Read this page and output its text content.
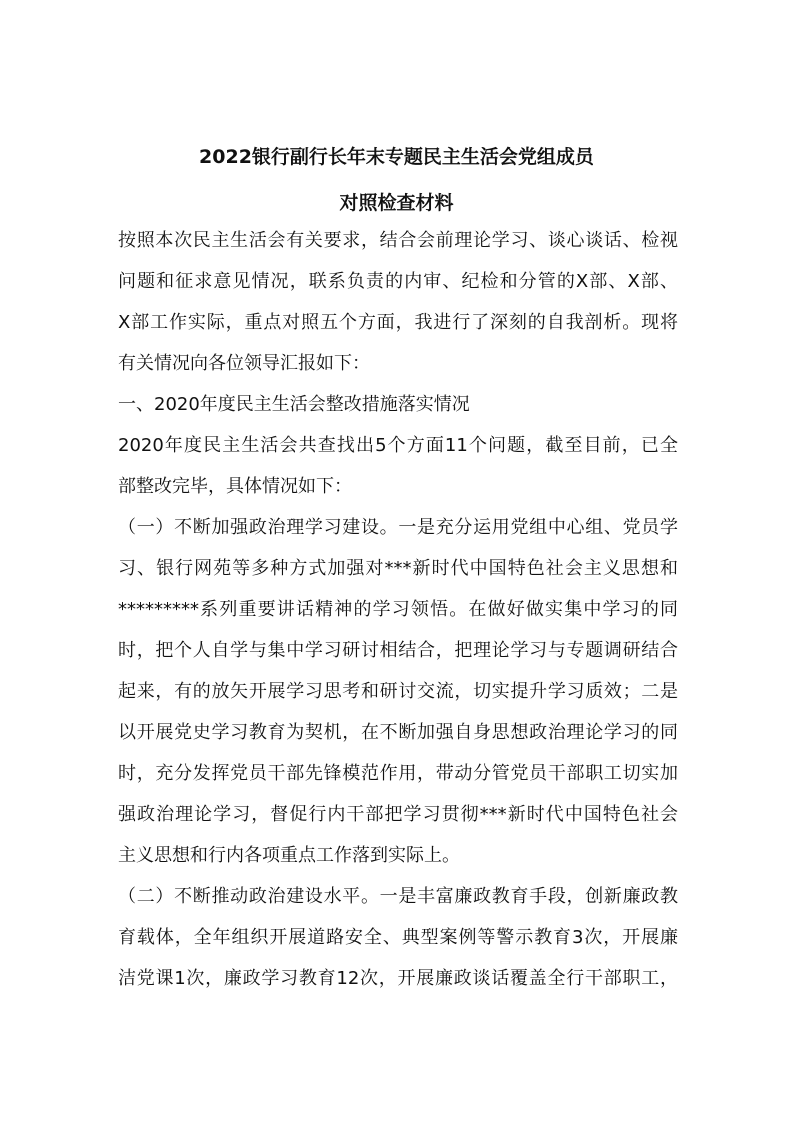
2022银行副行长年末专题民主生活会党组成员
对照检查材料
按照本次民主生活会有关要求，结合会前理论学习、谈心谈话、检视
问题和征求意见情况，联系负责的内审、纪检和分管的X部、X部、
X部工作实际，重点对照五个方面，我进行了深刻的自我剖析。现将
有关情况向各位领导汇报如下：
一、2020年度民主生活会整改措施落实情况
2020年度民主生活会共查找出5个方面11个问题，截至目前，已全
部整改完毕，具体情况如下：
（一）不断加强政治理学习建设。一是充分运用党组中心组、党员学
习、银行网苑等多种方式加强对***新时代中国特色社会主义思想和
*********系列重要讲话精神的学习领悟。在做好做实集中学习的同
时，把个人自学与集中学习研讨相结合，把理论学习与专题调研结合
起来，有的放矢开展学习思考和研讨交流，切实提升学习质效；二是
以开展党史学习教育为契机，在不断加强自身思想政治理论学习的同
时，充分发挥党员干部先锋模范作用，带动分管党员干部职工切实加
强政治理论学习，督促行内干部把学习贯彻***新时代中国特色社会
主义思想和行内各项重点工作落到实际上。
（二）不断推动政治建设水平。一是丰富廉政教育手段，创新廉政教
育载体，全年组织开展道路安全、典型案例等警示教育3次，开展廉
洁党课1次，廉政学习教育12次，开展廉政谈话覆盖全行干部职工，
